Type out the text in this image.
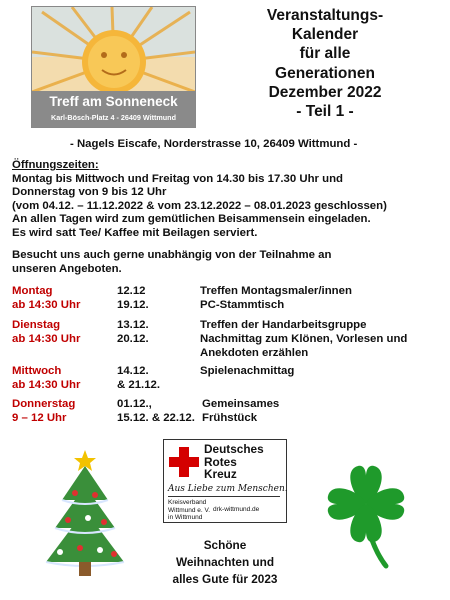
Treff am Sonneneck
Karl-Bösch-Platz 4 - 26409 Wittmund
Veranstaltungs-
Kalender
für alle
Generationen
Dezember 2022
- Teil 1 -
- Nagels Eiscafe, Norderstrasse 10, 26409 Wittmund -
Öffnungszeiten:
Montag bis Mittwoch und Freitag von 14.30 bis 17.30 Uhr und
Donnerstag von 9 bis 12 Uhr
(vom 04.12. – 11.12.2022 & vom 23.12.2022 – 08.01.2023 geschlossen)
An allen Tagen wird zum gemütlichen Beisammensein eingeladen.
Es wird satt Tee/ Kaffee mit Beilagen serviert.
Besucht uns auch gerne unabhängig von der Teilnahme an
unseren Angeboten.
Montag
ab 14:30 Uhr
12.12
19.12.
Treffen Montagsmaler/innen
PC-Stammtisch
Dienstag
ab 14:30 Uhr
13.12.
20.12.
Treffen der Handarbeitsgruppe
Nachmittag zum Klönen, Vorlesen und
Anekdoten erzählen
Mittwoch
ab 14:30 Uhr
14.12.
& 21.12.
Spielenachmittag
Donnerstag
9 – 12 Uhr
01.12.,
15.12. & 22.12.
Gemeinsames
Frühstück
Deutsches
Rotes
Kreuz
Aus Liebe zum Menschen.
Kreisverband
Wittmund e. V.
in Wittmund
drk-wittmund.de
Schöne
Weihnachten und
alles Gute für 2023
